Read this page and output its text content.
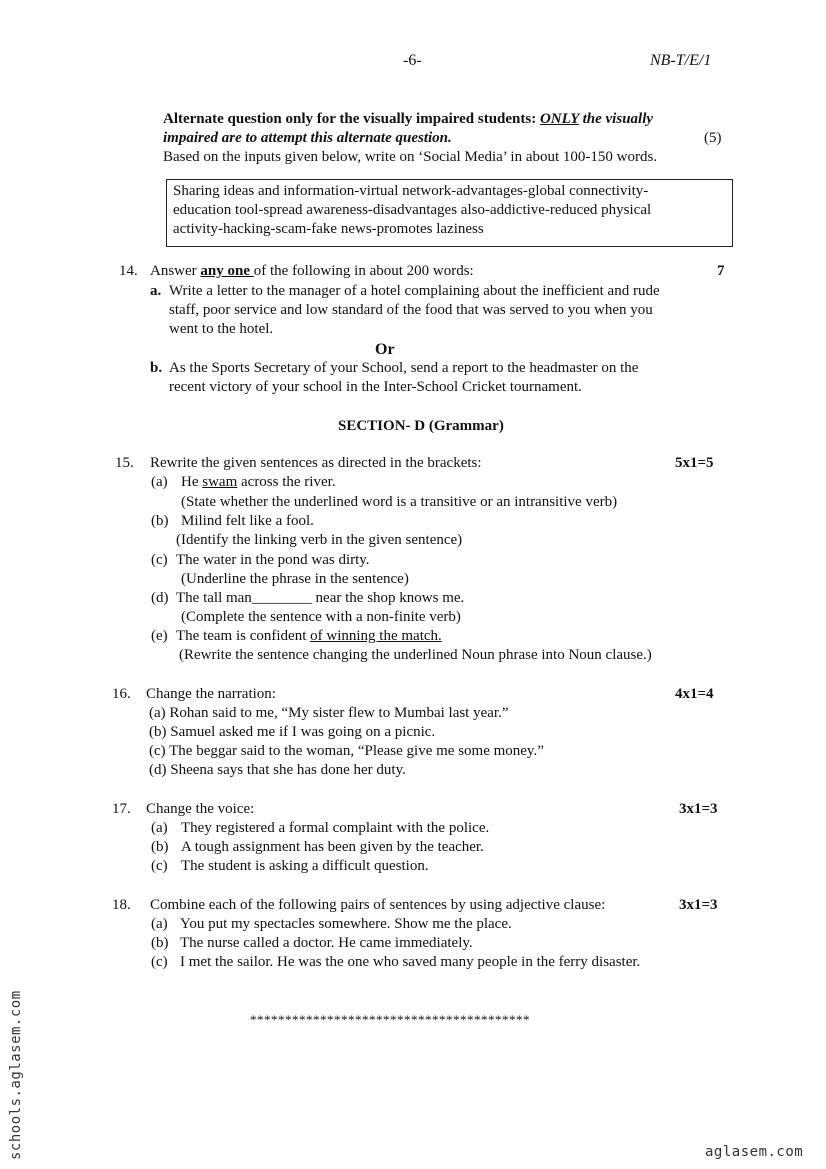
-6-	NB-T/E/1
Alternate question only for the visually impaired students: ONLY the visually
impaired are to attempt this alternate question.	(5)
Based on the inputs given below, write on ‘Social Media’ in about 100-150 words.
Sharing ideas and information-virtual network-advantages-global connectivity-
education tool-spread awareness-disadvantages also-addictive-reduced physical
activity-hacking-scam-fake news-promotes laziness
14. Answer any one of the following in about 200 words:	7
a. Write a letter to the manager of a hotel complaining about the inefficient and rude
staff, poor service and low standard of the food that was served to you when you
went to the hotel.
Or
b. As the Sports Secretary of your School, send a report to the headmaster on the
recent victory of your school in the Inter-School Cricket tournament.
SECTION- D (Grammar)
15. Rewrite the given sentences as directed in the brackets:	5x1=5
(a) He swam across the river.
(State whether the underlined word is a transitive or an intransitive verb)
(b) Milind felt like a fool.
(Identify the linking verb in the given sentence)
(c) The water in the pond was dirty.
(Underline the phrase in the sentence)
(d) The tall man________ near the shop knows me.
(Complete the sentence with a non-finite verb)
(e) The team is confident of winning the match.
(Rewrite the sentence changing the underlined Noun phrase into Noun clause.)
16. Change the narration:	4x1=4
(a) Rohan said to me, “My sister flew to Mumbai last year.”
(b) Samuel asked me if I was going on a picnic.
(c) The beggar said to the woman, “Please give me some money.”
(d) Sheena says that she has done her duty.
17. Change the voice:	3x1=3
(a) They registered a formal complaint with the police.
(b) A tough assignment has been given by the teacher.
(c) The student is asking a difficult question.
18. Combine each of the following pairs of sentences by using adjective clause:	3x1=3
(a) You put my spectacles somewhere. Show me the place.
(b) The nurse called a doctor. He came immediately.
(c) I met the sailor. He was the one who saved many people in the ferry disaster.
****************************************
schools.aglasem.com	aglasem.com
